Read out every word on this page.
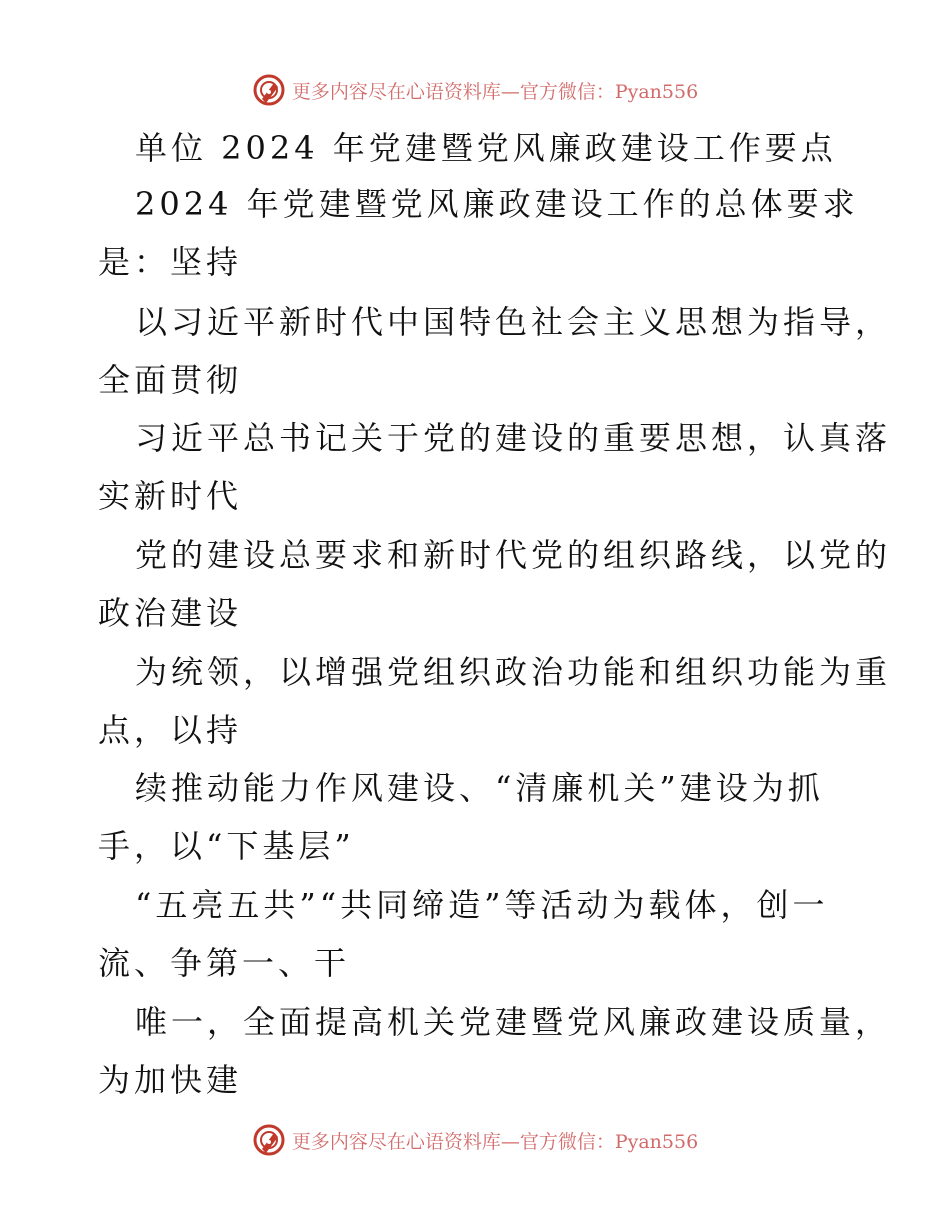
更多内容尽在心语资料库—官方微信：Pyan556
单位 2024 年党建暨党风廉政建设工作要点
2024 年党建暨党风廉政建设工作的总体要求
是：坚持
以习近平新时代中国特色社会主义思想为指导，
全面贯彻
习近平总书记关于党的建设的重要思想，认真落
实新时代
党的建设总要求和新时代党的组织路线，以党的
政治建设
为统领，以增强党组织政治功能和组织功能为重
点，以持
续推动能力作风建设、“清廉机关”建设为抓
手，以“下基层”
“五亮五共”“共同缔造”等活动为载体，创一
流、争第一、干
唯一，全面提高机关党建暨党风廉政建设质量，
为加快建
更多内容尽在心语资料库—官方微信：Pyan556
